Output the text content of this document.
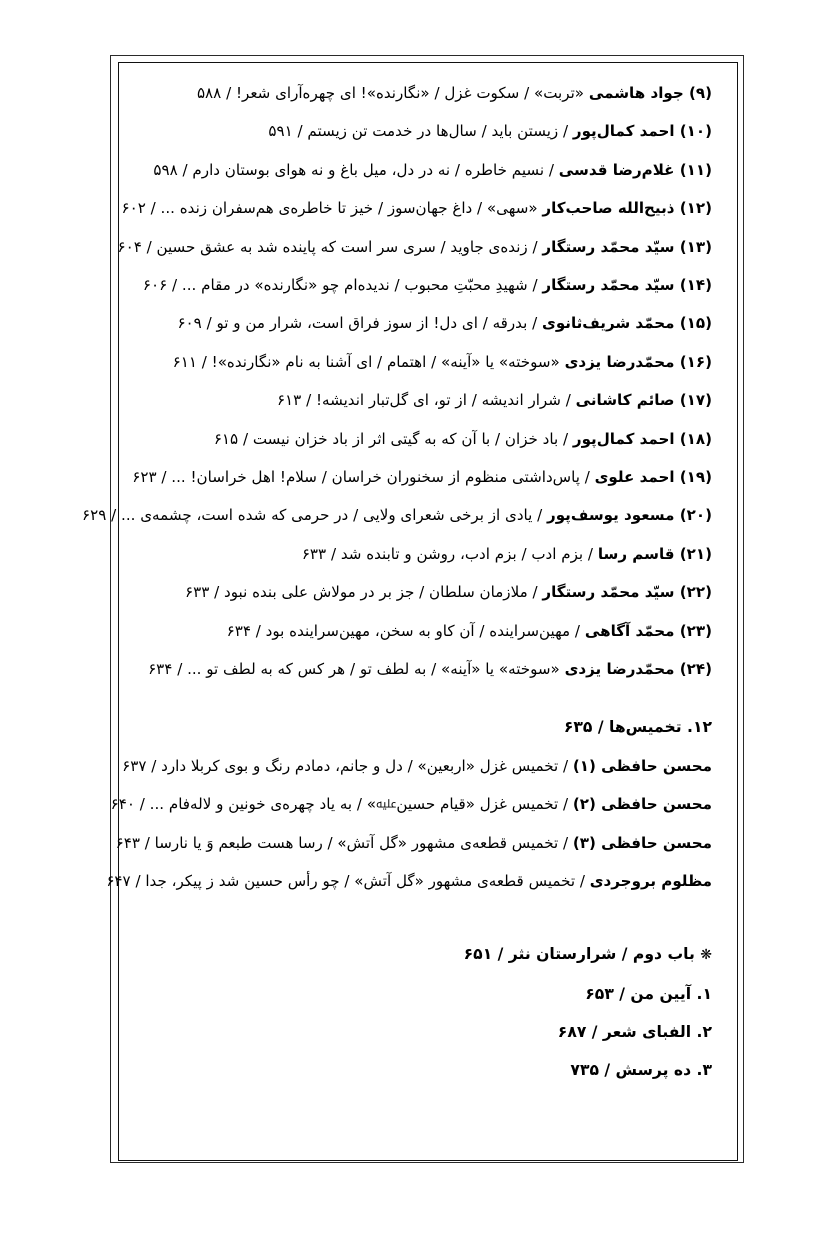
(۹) جواد هاشمی «تربت» / سکوت غزل / «نگارنده»! ای چهره‌آرای شعر! / ۵۸۸
(۱۰) احمد کمال‌پور / زیستن باید / سال‌ها در خدمت تن زیستم / ۵۹۱
(۱۱) غلام‌رضا قدسی / نسیم خاطره / نه در دل، میل باغ و نه هوای بوستان دارم / ۵۹۸
(۱۲) ذبیح‌الله صاحب‌کار «سهی» / داغ جهان‌سوز / خیز تا خاطره‌ی هم‌سفران زنده ... / ۶۰۲
(۱۳) سیّد محمّد رستگار / زنده‌ی جاوید / سری سر است که پاینده شد به عشق حسین / ۶۰۴
(۱۴) سیّد محمّد رستگار / شهیدِ محبّتِ محبوب / ندیده‌ام چو «نگارنده» در مقام ... / ۶۰۶
(۱۵) محمّد شریف‌ثانوی / بدرقه / ای دل! از سوز فراق است، شرار من و تو / ۶۰۹
(۱۶) محمّدرضا یزدی «سوخته» یا «آینه» / اهتمام / ای آشنا به نام «نگارنده»! / ۶۱۱
(۱۷) صائم کاشانی / شرار اندیشه / از تو، ای گل‌تبار اندیشه! / ۶۱۳
(۱۸) احمد کمال‌پور / باد خزان / با آن که به گیتی اثر از باد خزان نیست / ۶۱۵
(۱۹) احمد علوی / پاس‌داشتی منظوم از سخنوران خراسان / سلام! اهل خراسان! ... / ۶۲۳
(۲۰) مسعود یوسف‌پور / یادی از برخی شعرای ولایی / در حرمی که شده است، چشمه‌ی ... / ۶۲۹
(۲۱) قاسم رسا / بزم ادب / بزم ادب، روشن و تابنده شد / ۶۳۳
(۲۲) سیّد محمّد رستگار / ملازمان سلطان / جز بر در مولاش علی بنده نبود / ۶۳۳
(۲۳) محمّد آگاهی / مهین‌سراینده / آن کاو به سخن، مهین‌سراینده بود / ۶۳۴
(۲۴) محمّدرضا یزدی «سوخته» یا «آینه» / به لطف تو / هر کس که به لطف تو ... / ۶۳۴
۱۲. تخمیس‌ها / ۶۳۵
محسن حافظی (۱) / تخمیس غزل «اربعین» / دل و جانم، دمادم رنگ و بوی کربلا دارد / ۶۳۷
محسن حافظی (۲) / تخمیس غزل «قیام حسینﷷ» / به یاد چهره‌ی خونین و لاله‌فام ... / ۶۴۰
محسن حافظی (۳) / تخمیس قطعه‌ی مشهور «گل آتش» / رسا هست طبعم وَ یا نارسا / ۶۴۳
مظلوم بروجردی / تخمیس قطعه‌ی مشهور «گل آتش» / چو رأس حسین شد ز پیکر، جدا / ۶۴۷
❋ باب دوم / شرارستان نثر / ۶۵۱
۱. آیین من / ۶۵۳
۲. الفبای شعر / ۶۸۷
۳. ده پرسش / ۷۳۵
